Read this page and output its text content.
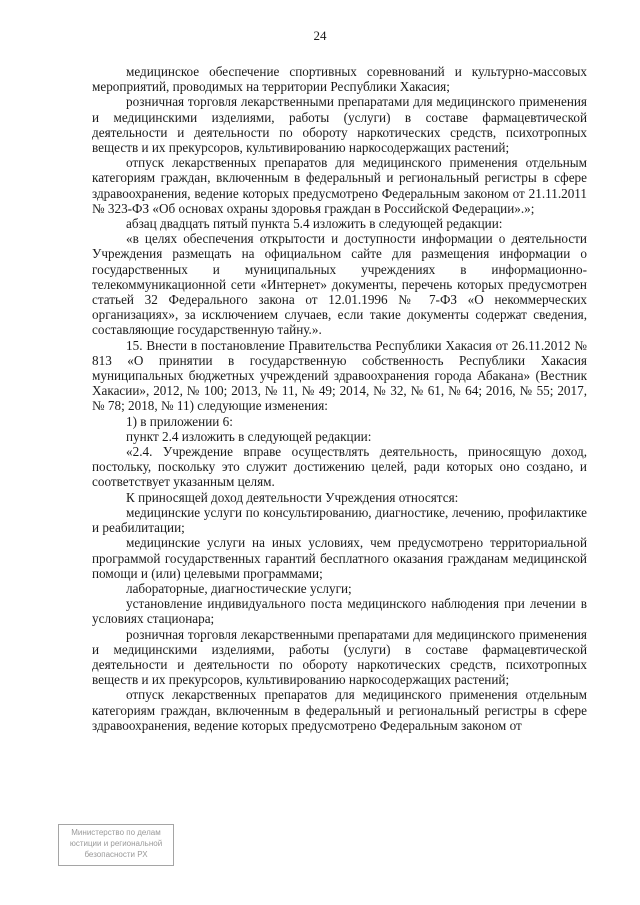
24

медицинское обеспечение спортивных соревнований и культурно-массовых мероприятий, проводимых на территории Республики Хакасия;

розничная торговля лекарственными препаратами для медицинского применения и медицинскими изделиями, работы (услуги) в составе фармацевтической деятельности и деятельности по обороту наркотических средств, психотропных веществ и их прекурсоров, культивированию наркосодержащих растений;

отпуск лекарственных препаратов для медицинского применения отдельным категориям граждан, включенным в федеральный и региональный регистры в сфере здравоохранения, ведение которых предусмотрено Федеральным законом от 21.11.2011 № 323-ФЗ «Об основах охраны здоровья граждан в Российской Федерации».»;

абзац двадцать пятый пункта 5.4 изложить в следующей редакции:

«в целях обеспечения открытости и доступности информации о деятельности Учреждения размещать на официальном сайте для размещения информации о государственных и муниципальных учреждениях в информационно-телекоммуникационной сети «Интернет» документы, перечень которых предусмотрен статьей 32 Федерального закона от 12.01.1996 № 7-ФЗ «О некоммерческих организациях», за исключением случаев, если такие документы содержат сведения, составляющие государственную тайну.».

15. Внести в постановление Правительства Республики Хакасия от 26.11.2012 № 813 «О принятии в государственную собственность Республики Хакасия муниципальных бюджетных учреждений здравоохранения города Абакана» (Вестник Хакасии», 2012, № 100; 2013, № 11, № 49; 2014, № 32, № 61, № 64; 2016, № 55; 2017, № 78; 2018, № 11) следующие изменения:

1) в приложении 6:

пункт 2.4 изложить в следующей редакции:

«2.4. Учреждение вправе осуществлять деятельность, приносящую доход, постольку, поскольку это служит достижению целей, ради которых оно создано, и соответствует указанным целям.

К приносящей доход деятельности Учреждения относятся:

медицинские услуги по консультированию, диагностике, лечению, профилактике и реабилитации;

медицинские услуги на иных условиях, чем предусмотрено территориальной программой государственных гарантий бесплатного оказания гражданам медицинской помощи и (или) целевыми программами;

лабораторные, диагностические услуги;

установление индивидуального поста медицинского наблюдения при лечении в условиях стационара;

розничная торговля лекарственными препаратами для медицинского применения и медицинскими изделиями, работы (услуги) в составе фармацевтической деятельности и деятельности по обороту наркотических средств, психотропных веществ и их прекурсоров, культивированию наркосодержащих растений;

отпуск лекарственных препаратов для медицинского применения отдельным категориям граждан, включенным в федеральный и региональный регистры в сфере здравоохранения, ведение которых предусмотрено Федеральным законом от

Министерство по делам
юстиции и региональной
безопасности РХ
